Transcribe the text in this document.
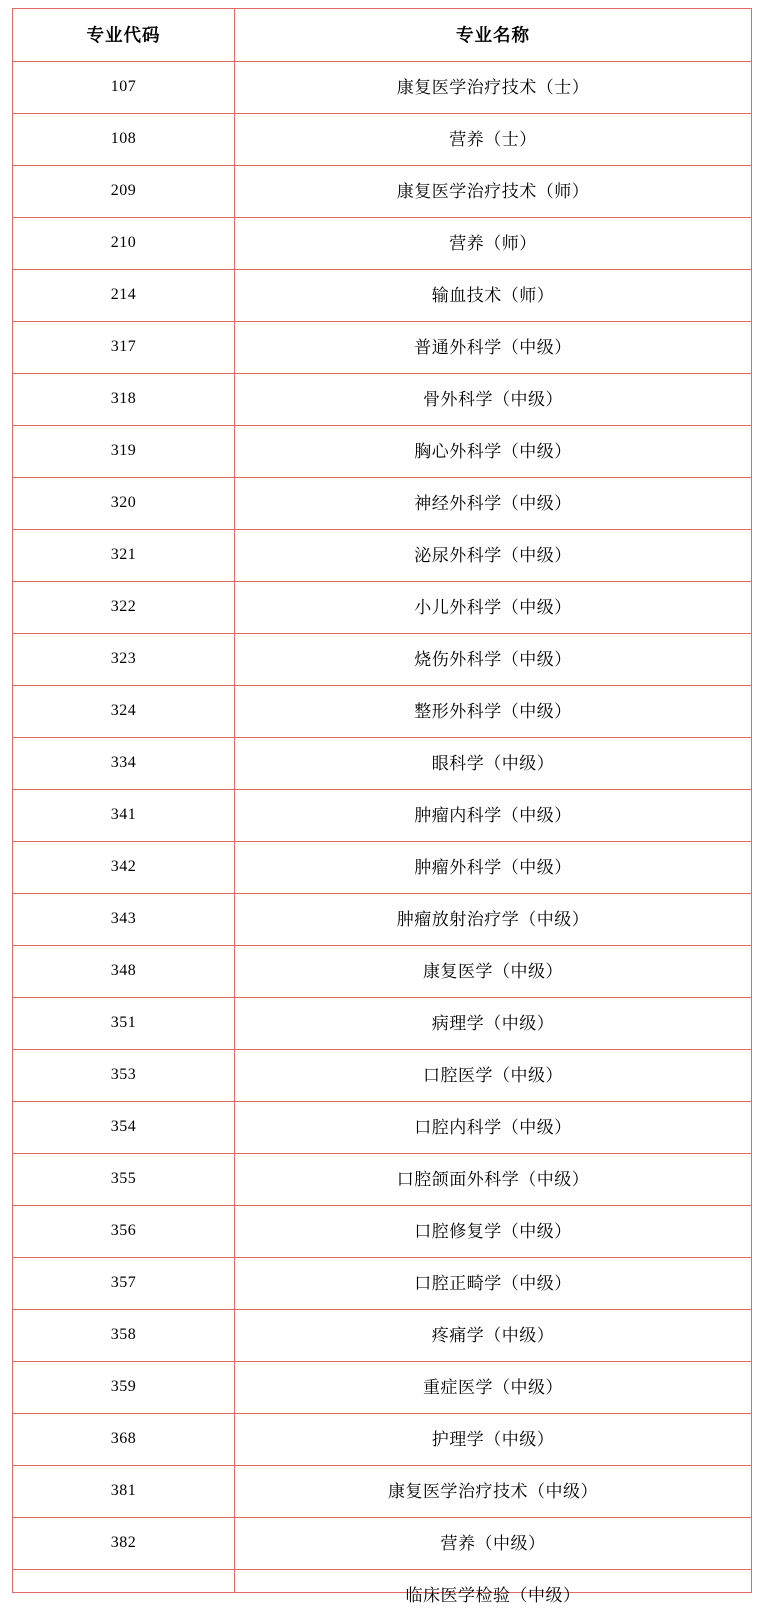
专业代码	专业名称
107	康复医学治疗技术（士）
108	营养（士）
209	康复医学治疗技术（师）
210	营养（师）
214	输血技术（师）
317	普通外科学（中级）
318	骨外科学（中级）
319	胸心外科学（中级）
320	神经外科学（中级）
321	泌尿外科学（中级）
322	小儿外科学（中级）
323	烧伤外科学（中级）
324	整形外科学（中级）
334	眼科学（中级）
341	肿瘤内科学（中级）
342	肿瘤外科学（中级）
343	肿瘤放射治疗学（中级）
348	康复医学（中级）
351	病理学（中级）
353	口腔医学（中级）
354	口腔内科学（中级）
355	口腔颌面外科学（中级）
356	口腔修复学（中级）
357	口腔正畸学（中级）
358	疼痛学（中级）
359	重症医学（中级）
368	护理学（中级）
381	康复医学治疗技术（中级）
382	营养（中级）

	临床医学检验（中级）
